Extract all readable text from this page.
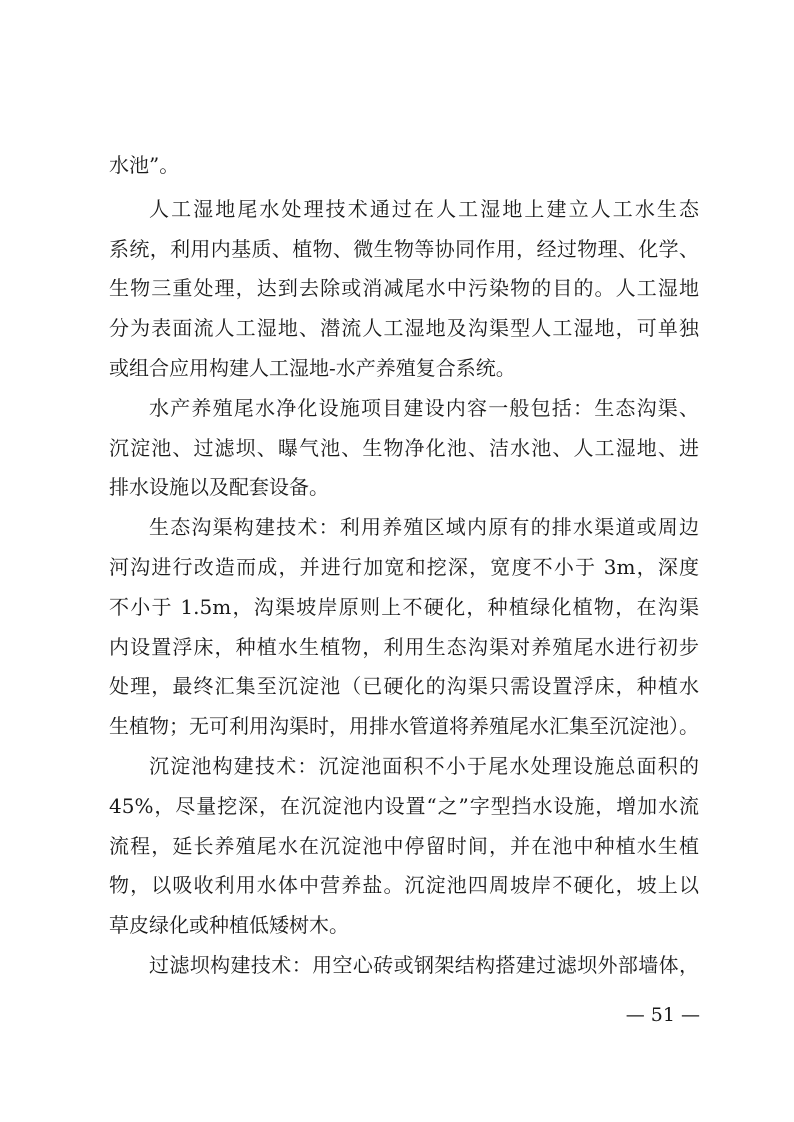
水池”。
人工湿地尾水处理技术通过在人工湿地上建立人工水生态
系统，利用内基质、植物、微生物等协同作用，经过物理、化学、
生物三重处理，达到去除或消减尾水中污染物的目的。人工湿地
分为表面流人工湿地、潜流人工湿地及沟渠型人工湿地，可单独
或组合应用构建人工湿地-水产养殖复合系统。
水产养殖尾水净化设施项目建设内容一般包括：生态沟渠、
沉淀池、过滤坝、曝气池、生物净化池、洁水池、人工湿地、进
排水设施以及配套设备。
生态沟渠构建技术：利用养殖区域内原有的排水渠道或周边
河沟进行改造而成，并进行加宽和挖深，宽度不小于 3m，深度
不小于 1.5m，沟渠坡岸原则上不硬化，种植绿化植物，在沟渠
内设置浮床，种植水生植物，利用生态沟渠对养殖尾水进行初步
处理，最终汇集至沉淀池（已硬化的沟渠只需设置浮床，种植水
生植物；无可利用沟渠时，用排水管道将养殖尾水汇集至沉淀池）。
沉淀池构建技术：沉淀池面积不小于尾水处理设施总面积的
45%，尽量挖深，在沉淀池内设置“之”字型挡水设施，增加水流
流程，延长养殖尾水在沉淀池中停留时间，并在池中种植水生植
物，以吸收利用水体中营养盐。沉淀池四周坡岸不硬化，坡上以
草皮绿化或种植低矮树木。
过滤坝构建技术：用空心砖或钢架结构搭建过滤坝外部墙体，
— 51 —
